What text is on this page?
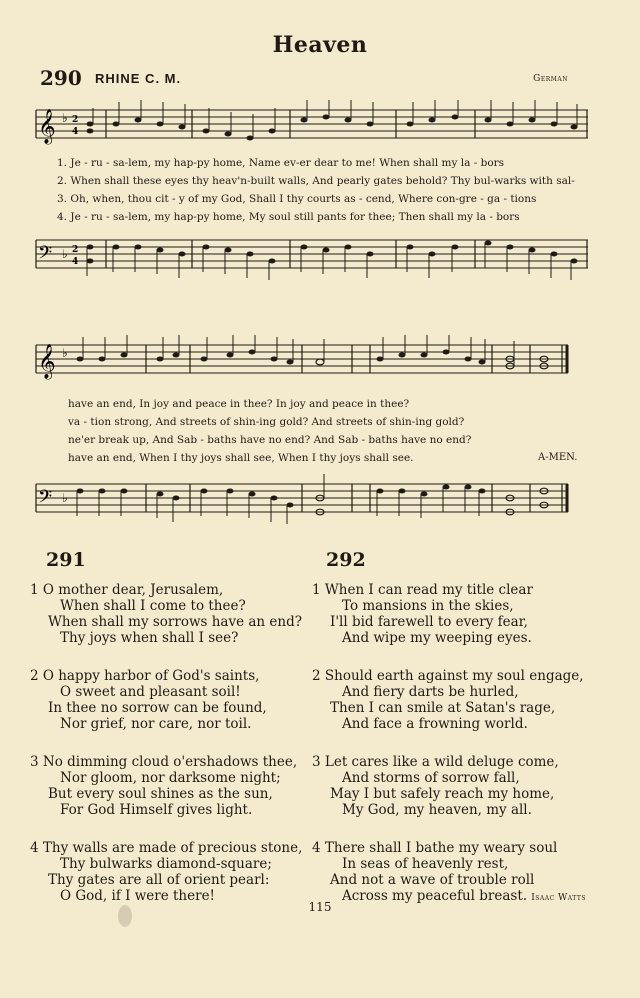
Heaven
290 RHINE C. M.	German
𝄞 ♭ 2
4
1. Je - ru - sa-lem, my hap-py home, Name ev-er dear to me! When shall my la - bors
2. When shall these eyes thy heav'n-built walls, And pearly gates behold? Thy bul-warks with sal-
3. Oh, when, thou cit - y of my God, Shall I thy courts as - cend, Where con-gre - ga - tions
4. Je - ru - sa-lem, my hap-py home, My soul still pants for thee; Then shall my la - bors
𝄢 ♭ 2
4
𝄞 ♭
have an end, In joy and peace in thee? In joy and peace in thee?
va - tion strong, And streets of shin-ing gold? And streets of shin-ing gold?
ne'er break up, And Sab - baths have no end? And Sab - baths have no end?
have an end, When I thy joys shall see, When I thy joys shall see.	A-MEN.
𝄢 ♭
291
1 O mother dear, Jerusalem,
When shall I come to thee?
When shall my sorrows have an end?
Thy joys when shall I see?
2 O happy harbor of God's saints,
O sweet and pleasant soil!
In thee no sorrow can be found,
Nor grief, nor care, nor toil.
3 No dimming cloud o'ershadows thee,
Nor gloom, nor darksome night;
But every soul shines as the sun,
For God Himself gives light.
4 Thy walls are made of precious stone,
Thy bulwarks diamond-square;
Thy gates are all of orient pearl:
O God, if I were there!
292
1 When I can read my title clear
To mansions in the skies,
I'll bid farewell to every fear,
And wipe my weeping eyes.
2 Should earth against my soul engage,
And fiery darts be hurled,
Then I can smile at Satan's rage,
And face a frowning world.
3 Let cares like a wild deluge come,
And storms of sorrow fall,
May I but safely reach my home,
My God, my heaven, my all.
4 There shall I bathe my weary soul
In seas of heavenly rest,
And not a wave of trouble roll
Across my peaceful breast. Isaac Watts
115
